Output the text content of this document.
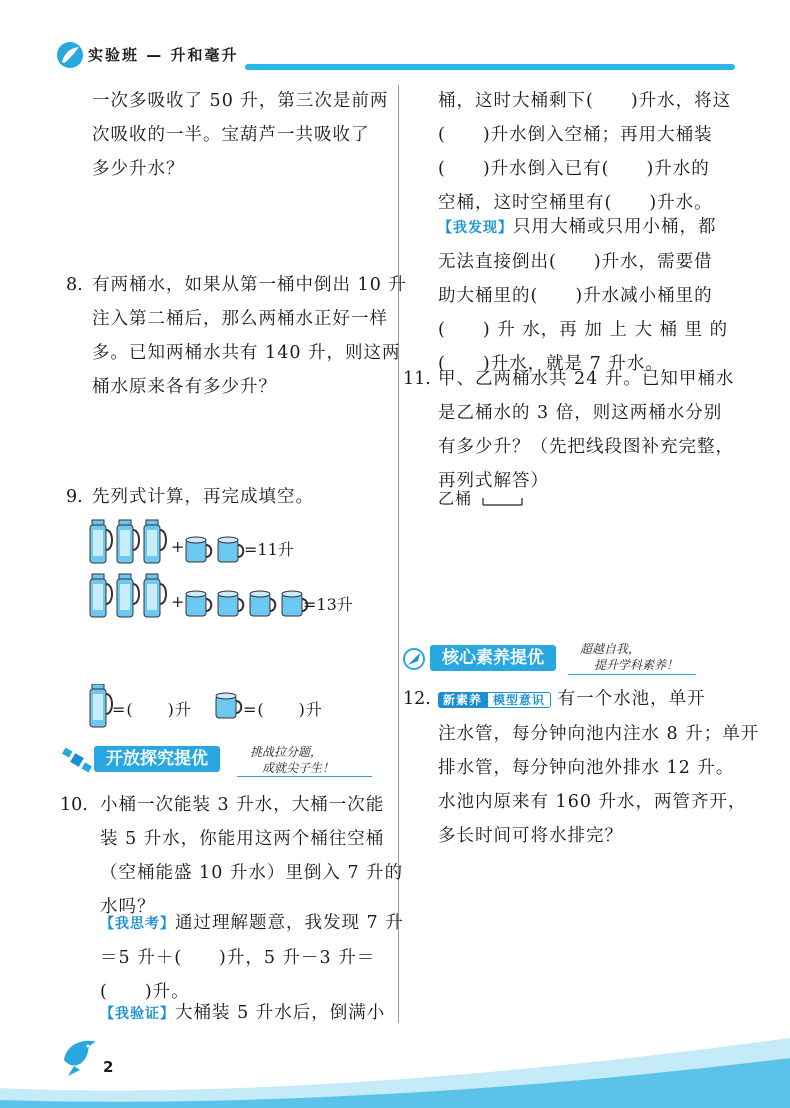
实验班 — 升和毫升
一次多吸收了 50 升，第三次是前两
次吸收的一半。宝葫芦一共吸收了
多少升水？
8. 有两桶水，如果从第一桶中倒出 10 升
注入第二桶后，那么两桶水正好一样
多。已知两桶水共有 140 升，则这两
桶水原来各有多少升？
9. 先列式计算，再完成填空。
+	=11升
+	=13升
=(　　)升	=(　　)升
开放探究提优	挑战拉分题，
成就尖子生！
10. 小桶一次能装 3 升水，大桶一次能
装 5 升水，你能用这两个桶往空桶
（空桶能盛 10 升水）里倒入 7 升的
水吗？
【我思考】通过理解题意，我发现 7 升
＝5 升＋(　　)升，5 升－3 升＝
(　　)升。
【我验证】大桶装 5 升水后，倒满小
桶，这时大桶剩下(　　)升水，将这
(　　)升水倒入空桶；再用大桶装
(　　)升水倒入已有(　　)升水的
空桶，这时空桶里有(　　)升水。
【我发现】只用大桶或只用小桶，都
无法直接倒出(　　)升水，需要借
助大桶里的(　　)升水减小桶里的
(　　) 升 水，再 加 上 大 桶 里 的
(　　)升水，就是 7 升水。
11. 甲、乙两桶水共 24 升。已知甲桶水
是乙桶水的 3 倍，则这两桶水分别
有多少升？（先把线段图补充完整，
再列式解答）
乙桶
核心素养提优	超越自我，
提升学科素养！
12.	新素养 模型意识 有一个水池，单开
注水管，每分钟向池内注水 8 升；单开
排水管，每分钟向池外排水 12 升。
水池内原来有 160 升水，两管齐开，
多长时间可将水排完？
2
